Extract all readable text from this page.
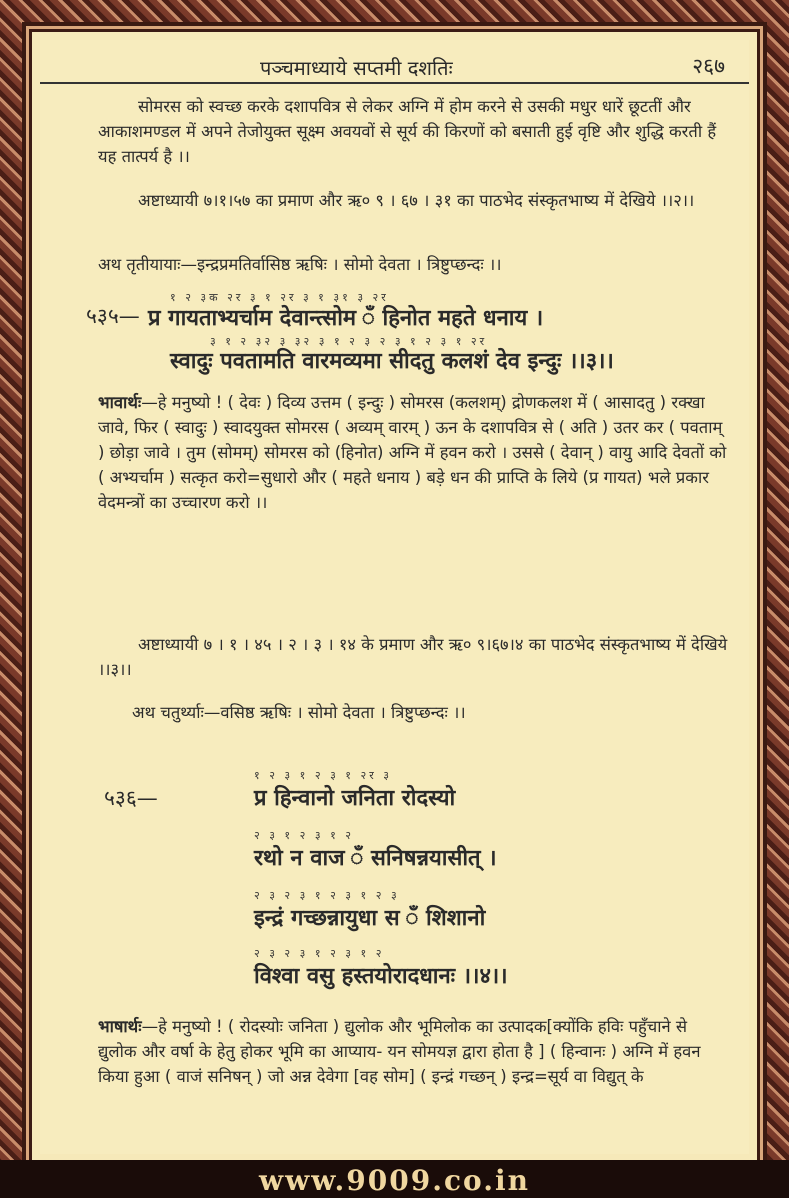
पञ्चमाध्याये सप्तमी दशतिः	२६७

सोमरस को स्वच्छ करके दशापवित्र से लेकर अग्नि में होम करने से उसकी मधुर धारें छूटतीं और आकाशमण्डल में अपने तेजोयुक्त सूक्ष्म अवयवों से सूर्य की किरणों को बसाती हुई वृष्टि और शुद्धि करती हैं यह तात्पर्य है ।।

अष्टाध्यायी ७।१।५७ का प्रमाण और ऋ० ९ । ६७ । ३१ का पाठभेद संस्कृतभाष्य में देखिये ।।२।।

अथ तृतीयायाः—इन्द्रप्रमतिर्वासिष्ठ ऋषिः । सोमो देवता । त्रिष्टुप्छन्दः ।।

१ २ ३क २र ३ १ २र ३ १ ३१ ३ २र
५३५— प्र गायताभ्यर्चाम देवान्त्सोम ँ हिनोत महते धनाय ।
३ १ २ ३२ ३ ३२ ३ १ २ ३ २ ३ १ २ ३ १ २र
स्वादुः पवतामति वारमव्यमा सीदतु कलशं देव इन्दुः ।।३।।

भावार्थः—हे मनुष्यो ! ( देवः ) दिव्य उत्तम ( इन्दुः ) सोमरस (कलशम्) द्रोणकलश में ( आसादतु ) रक्खा जावे, फिर ( स्वादुः ) स्वादयुक्त सोमरस ( अव्यम् वारम् ) ऊन के दशापवित्र से ( अति ) उतर कर ( पवताम् ) छोड़ा जावे । तुम (सोमम्) सोमरस को (हिनोत) अग्नि में हवन करो । उससे ( देवान् ) वायु आदि देवतों को ( अभ्यर्चाम ) सत्कृत करो=सुधारो और ( महते धनाय ) बड़े धन की प्राप्ति के लिये (प्र गायत) भले प्रकार वेदमन्त्रों का उच्चारण करो ।।

अष्टाध्यायी ७ । १ । ४५ । २ । ३ । १४ के प्रमाण और ऋ० ९।६७।४ का पाठभेद संस्कृतभाष्य में देखिये ।।३।।

अथ चतुर्थ्याः—वसिष्ठ ऋषिः । सोमो देवता । त्रिष्टुप्छन्दः ।।

५३६—
१ २ ३ १ २ ३ १ २र ३
प्र हिन्वानो जनिता रोदस्यो
२ ३ १ २ ३ १ २
रथो न वाज ँ सनिषन्नयासीत् ।
२ ३ २ ३ १ २ ३ १ २ ३
इन्द्रं गच्छन्नायुधा स ँ शिशानो
२ ३ २ ३ १ २ ३ १ २
विश्वा वसु हस्तयोरादधानः ।।४।।

भाषार्थः—हे मनुष्यो ! ( रोदस्योः जनिता ) द्युलोक और भूमिलोक का उत्पादक[क्योंकि हविः पहुँचाने से द्युलोक और वर्षा के हेतु होकर भूमि का आप्याय- यन सोमयज्ञ द्वारा होता है ] ( हिन्वानः ) अग्नि में हवन किया हुआ ( वाजं सनिषन् ) जो अन्न देवेगा [वह सोम] ( इन्द्रं गच्छन् ) इन्द्र=सूर्य वा विद्युत् के

www.9009.co.in
